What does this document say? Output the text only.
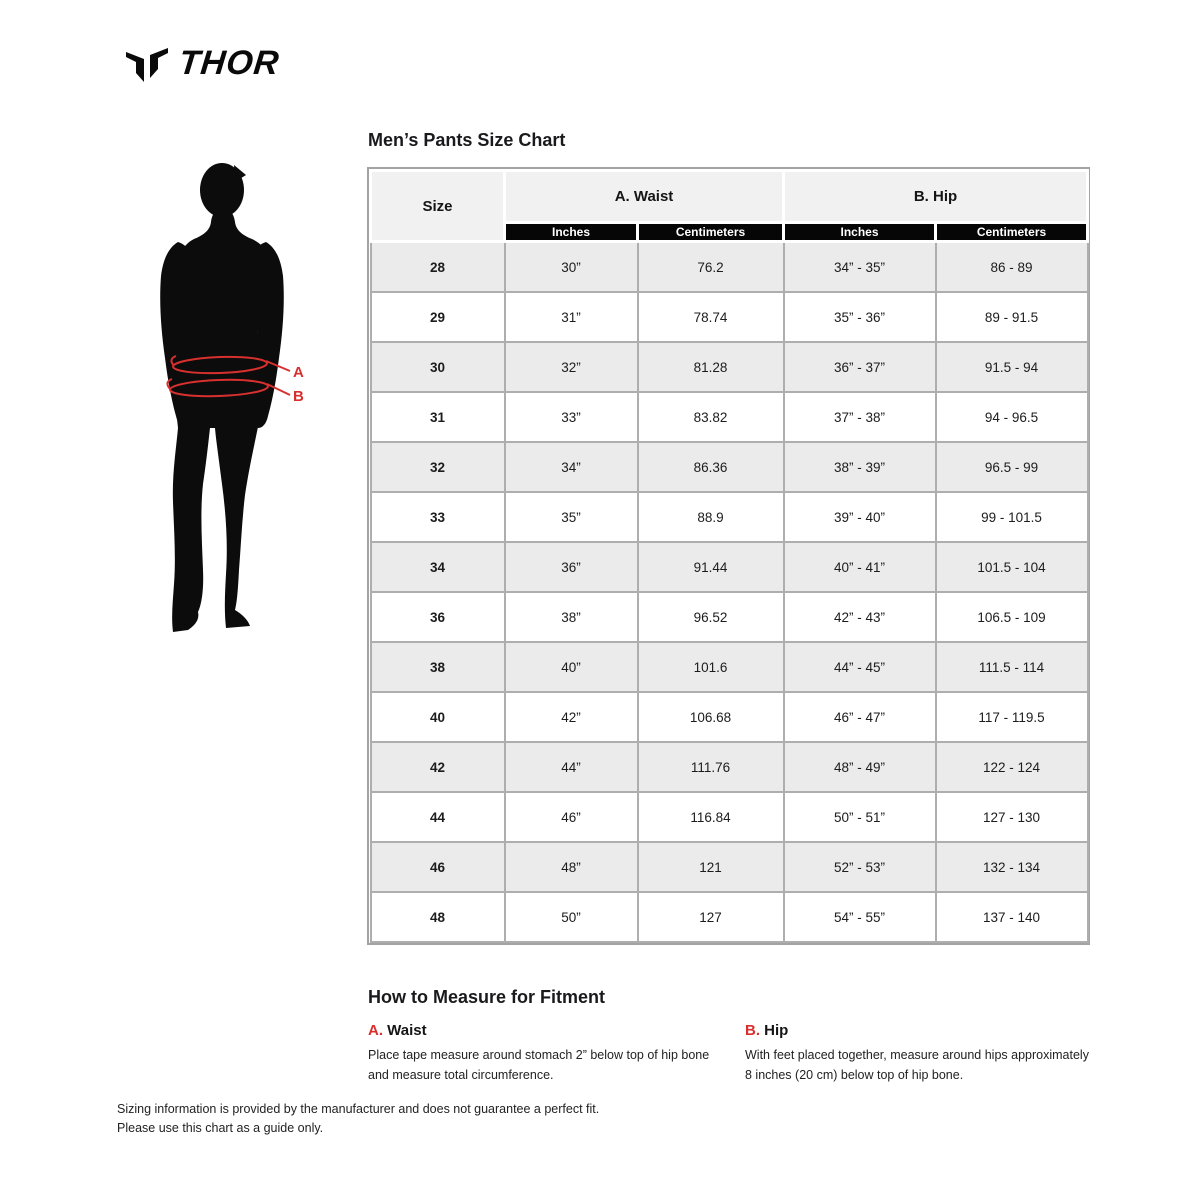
THOR
A
B
Men’s Pants Size Chart
Size	A. Waist		B. Hip	
	Inches	Centimeters	Inches	Centimeters
28	30”	76.2	34” - 35”	86 - 89
29	31”	78.74	35” - 36”	89 - 91.5
30	32”	81.28	36” - 37”	91.5 - 94
31	33”	83.82	37” - 38”	94 - 96.5
32	34”	86.36	38” - 39”	96.5 - 99
33	35”	88.9	39” - 40”	99 - 101.5
34	36”	91.44	40” - 41”	101.5 - 104
36	38”	96.52	42” - 43”	106.5 - 109
38	40”	101.6	44” - 45”	111.5 - 114
40	42”	106.68	46” - 47”	117 - 119.5
42	44”	111.76	48” - 49”	122 - 124
44	46”	116.84	50” - 51”	127 - 130
46	48”	121	52” - 53”	132 - 134
48	50”	127	54” - 55”	137 - 140
How to Measure for Fitment
A. Waist

Place tape measure around stomach 2” below top of hip bone and measure total circumference.

B. Hip

With feet placed together, measure around hips approximately 8 inches (20 cm) below top of hip bone.

Sizing information is provided by the manufacturer and does not guarantee a perfect fit.
Please use this chart as a guide only.
